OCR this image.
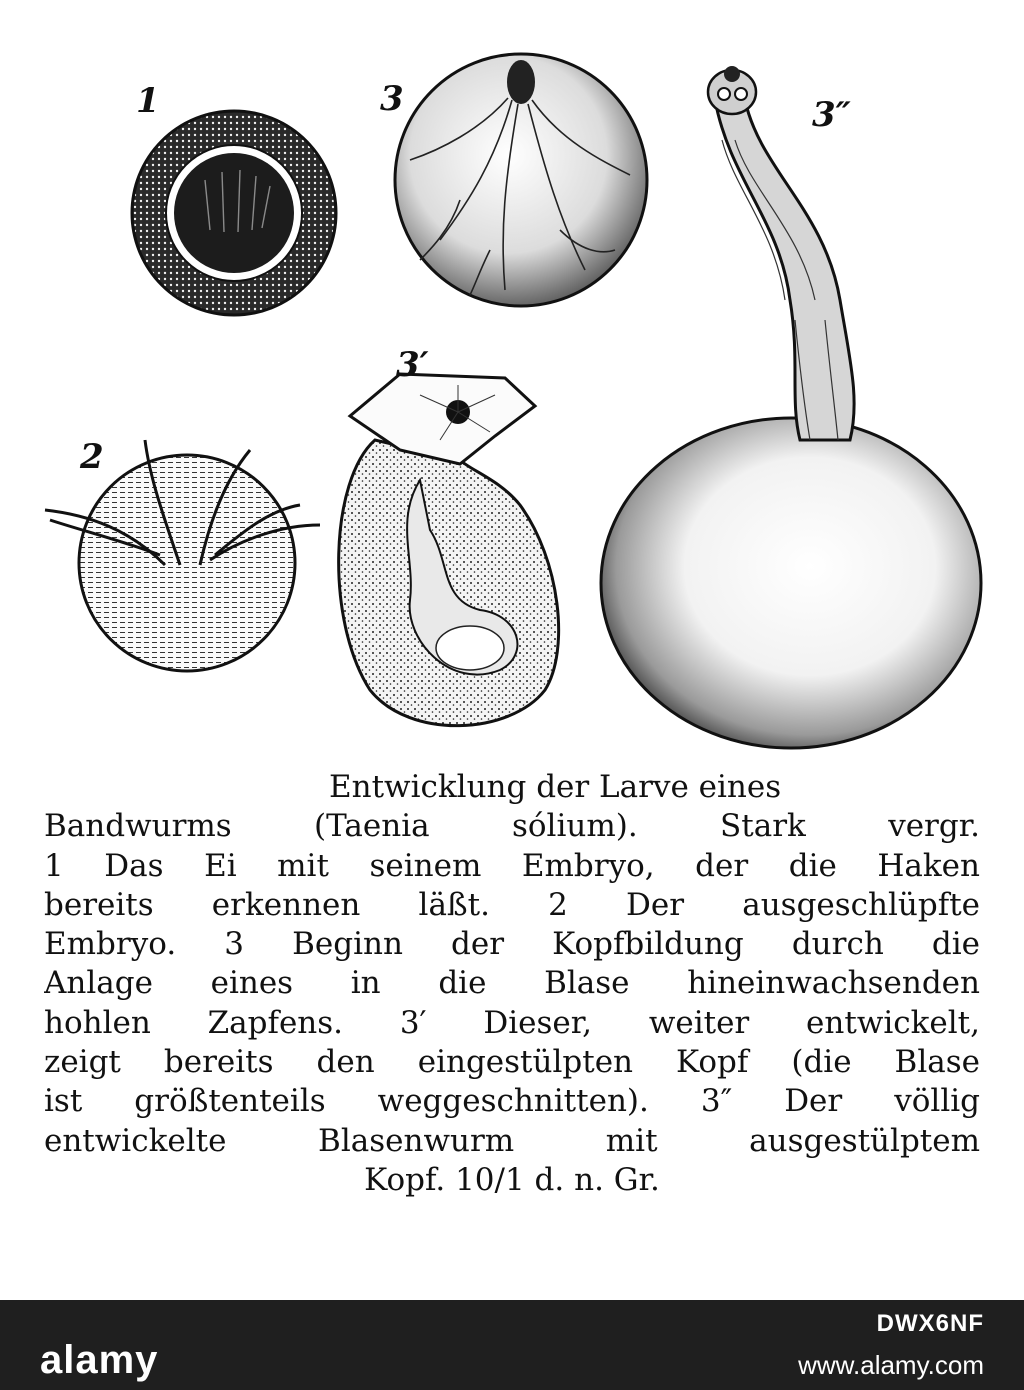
1	3	3″
3′
2
Entwicklung der Larve eines
Bandwurms (Taenia sólium). Stark vergr.
1 Das Ei mit seinem Embryo, der die Haken
bereits erkennen läßt. 2 Der ausgeschlüpfte
Embryo. 3 Beginn der Kopfbildung durch die
Anlage eines in die Blase hineinwachsenden
hohlen Zapfens. 3′ Dieser, weiter entwickelt,
zeigt bereits den eingestülpten Kopf (die Blase
ist größtenteils weggeschnitten). 3″ Der völlig
entwickelte Blasenwurm mit ausgestülptem
Kopf. 10/1 d. n. Gr.
alamy
DWX6NF
www.alamy.com
